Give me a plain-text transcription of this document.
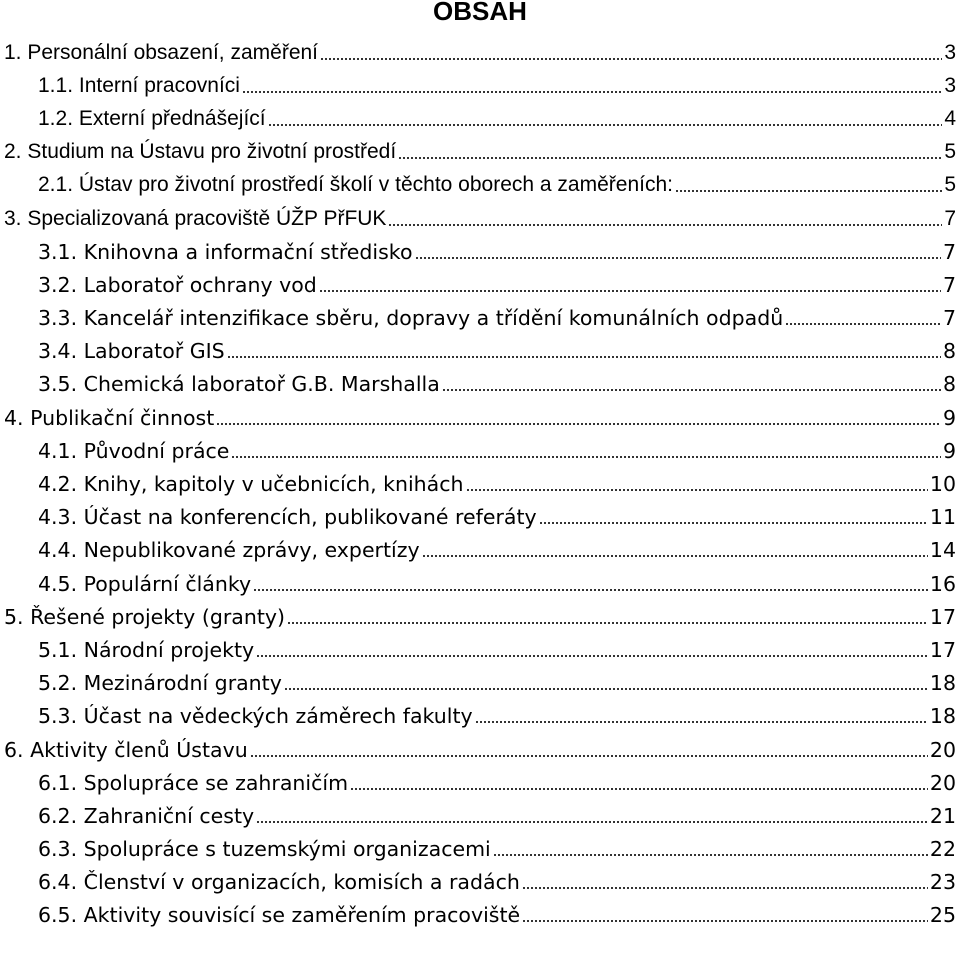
OBSAH
1. Personální obsazení, zaměření	3
1.1. Interní pracovníci	3
1.2. Externí přednášející	4
2. Studium na Ústavu pro životní prostředí	5
2.1. Ústav pro životní prostředí školí v těchto oborech a zaměřeních:	5
3. Specializovaná pracoviště ÚŽP PřFUK	7
3.1. Knihovna a informační středisko	7
3.2. Laboratoř ochrany vod	7
3.3. Kancelář intenzifikace sběru, dopravy a třídění komunálních odpadů	7
3.4. Laboratoř GIS	8
3.5. Chemická laboratoř G.B. Marshalla	8
4. Publikační činnost	9
4.1. Původní práce	9
4.2. Knihy, kapitoly v učebnicích, knihách	10
4.3. Účast na konferencích, publikované referáty	11
4.4. Nepublikované zprávy, expertízy	14
4.5. Populární články	16
5. Řešené projekty (granty)	17
5.1. Národní projekty	17
5.2. Mezinárodní granty	18
5.3. Účast na vědeckých záměrech fakulty	18
6. Aktivity členů Ústavu	20
6.1. Spolupráce se zahraničím	20
6.2. Zahraniční cesty	21
6.3. Spolupráce s tuzemskými organizacemi	22
6.4. Členství v organizacích, komisích a radách	23
6.5. Aktivity souvisící se zaměřením pracoviště	25
